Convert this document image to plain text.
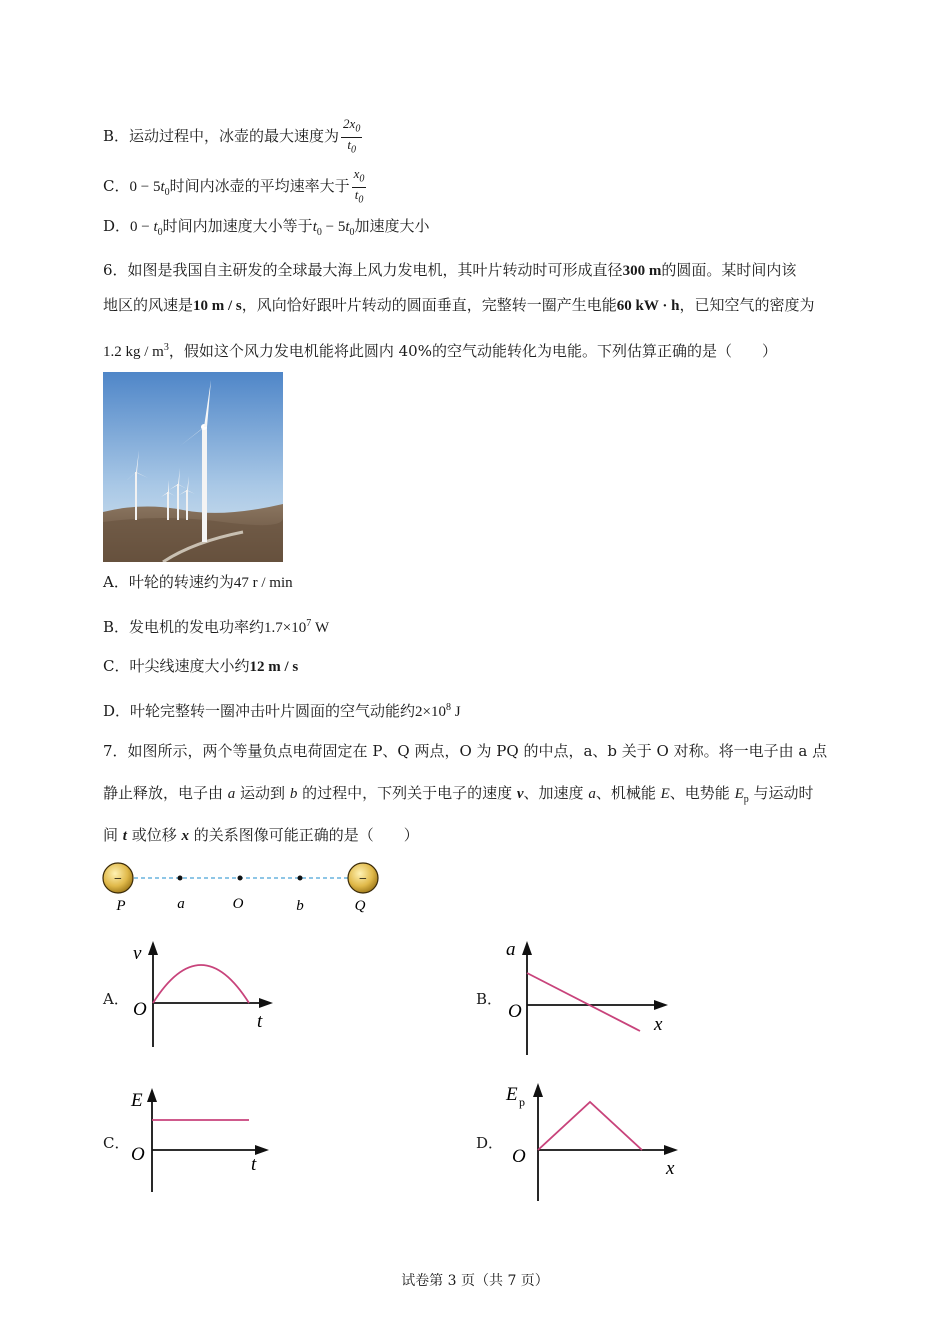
B．运动过程中，冰壶的最大速度为 $\frac{2x_0}{t_0}$
C．$0 - 5t_0$时间内冰壶的平均速率大于 $\frac{x_0}{t_0}$
D．$0 - t_0$时间内加速度大小等于$t_0 - 5t_0$加速度大小
6．如图是我国自主研发的全球最大海上风力发电机，其叶片转动时可形成直径300 m的圆面。某时间内该
地区的风速是10 m / s，风向恰好跟叶片转动的圆面垂直，完整转一圈产生电能60 kW · h，已知空气的密度为
1.2 kg / $m^3$，假如这个风力发电机能将此圆内 40%的空气动能转化为电能。下列估算正确的是（　　）
A．叶轮的转速约为47 r / min
B．发电机的发电功率约$1.7\times 10^7$ W
C．叶尖线速度大小约12 m / s
D．叶轮完整转一圈冲击叶片圆面的空气动能约$2\times 10^8$ J
7．如图所示，两个等量负点电荷固定在 P、Q 两点，O 为 PQ 的中点，a、b 关于 O 对称。将一电子由 a 点
静止释放，电子由 a 运动到 b 的过程中，下列关于电子的速度 v、加速度 a、机械能 E、电势能 $E_p$ 与运动时
间 t 或位移 x 的关系图像可能正确的是（　　）
−	−
P	a	O	b	Q
A．
v
O
t
B．
a
O
x
C．
E
O	t
D．
E p
O
x
试卷第 3 页（共 7 页）
